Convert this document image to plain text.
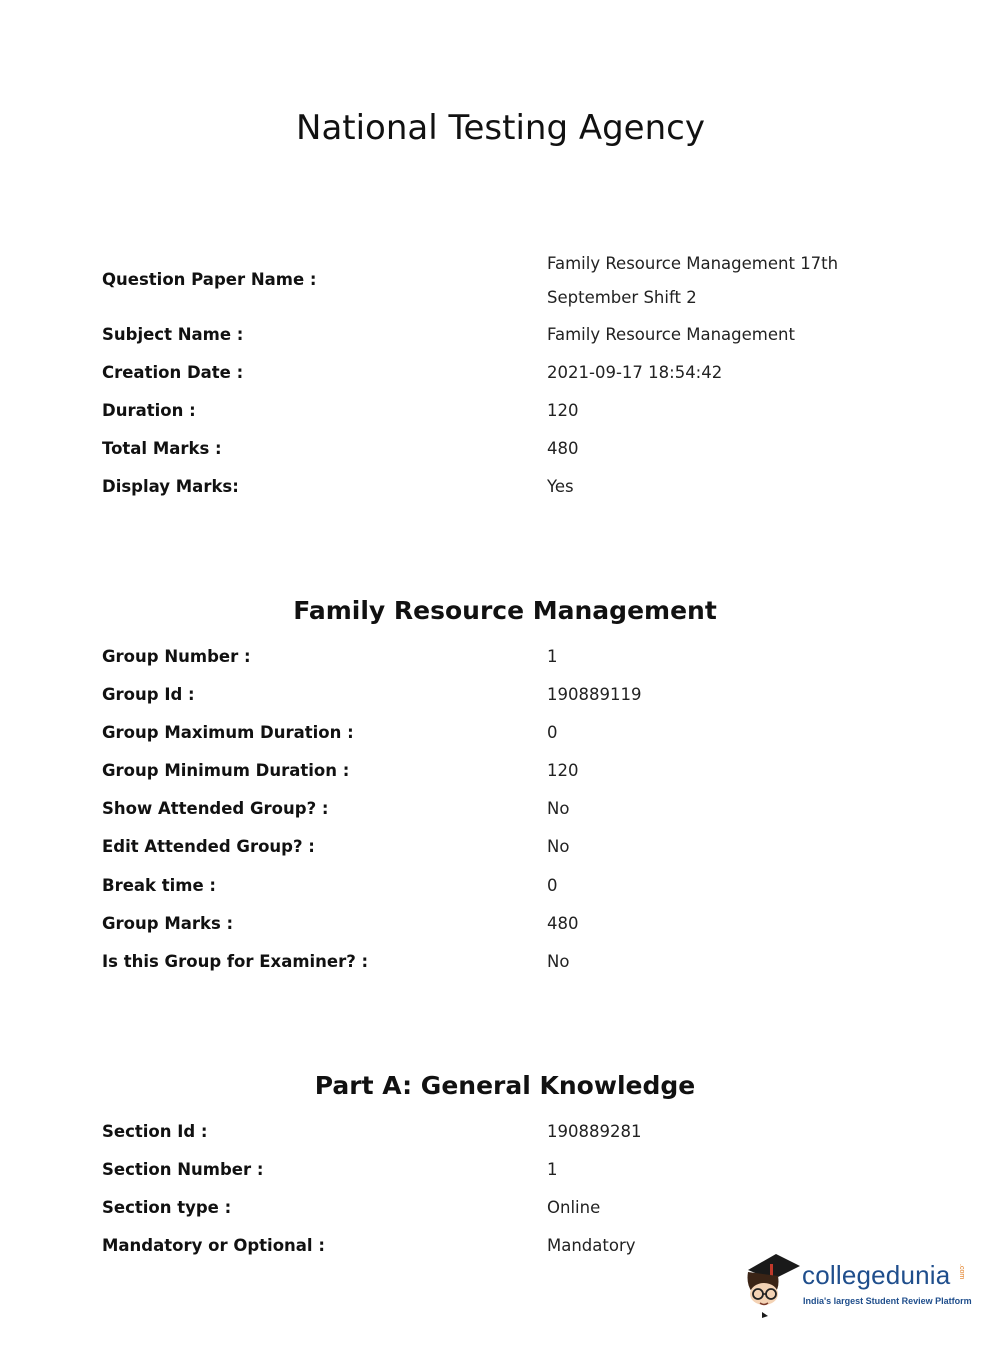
National Testing Agency
Question Paper Name :
Family Resource Management 17th September Shift 2
Subject Name :	Family Resource Management
Creation Date :	2021-09-17 18:54:42
Duration :	120
Total Marks :	480
Display Marks:	Yes
Family Resource Management
Group Number :	1
Group Id :	190889119
Group Maximum Duration :	0
Group Minimum Duration :	120
Show Attended Group? :	No
Edit Attended Group? :	No
Break time :	0
Group Marks :	480
Is this Group for Examiner? :	No
Part A: General Knowledge
Section Id :	190889281
Section Number :	1
Section type :	Online
Mandatory or Optional :	Mandatory
collegedunia .com
India's largest Student Review Platform
